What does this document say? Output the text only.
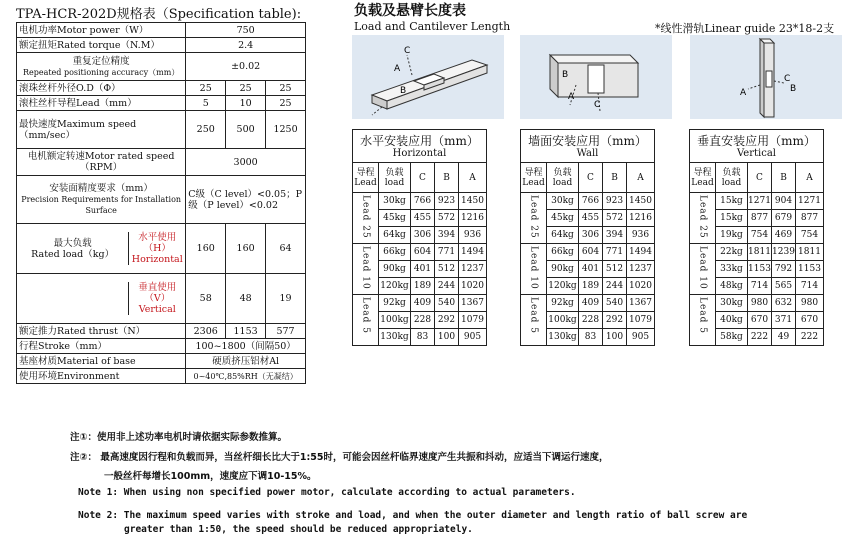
TPA-HCR-202D规格表（Specification table):
电机功率Motor power（W）	750		
额定扭矩Rated torque（N.M）	2.4		

重复定位精度
Repeated positioning accuracy（mm）	±0.02		
滚珠丝杆外径O.D（Φ）	25	25	25
滚柱丝杆导程Lead（mm）	5	10	25
最快速度Maximum speed（mm/sec）	250	500	1250
电机额定转速Motor rated speed（RPM）	3000		

安装面精度要求（mm）
Precision Requirements for Installation Surface	C级（C level）<0.05；P级（P level）<0.02		

最大负载
Rated load（kg）
水平使用（H）Horizontal	160	160	64

垂直使用（V）Vertical	58	48	19
额定推力Rated thrust（N）	2306	1153	577
行程Stroke（mm）	100~1800（间隔50）		
基座材质Material of base	硬质挤压铝材Al		
使用环境Environment	0~40℃,85%RH（无凝结）		
负载及悬臂长度表
Load and Cantilever Length	*线性滑轨Linear guide 23*18-2支
C
A
B
B
A
C
C
B
A
水平安装应用（mm）
Horizontal				

导程Lead	负载load	C	B	A
Lead 25	30kg	766	923	1450
	45kg	455	572	1216
	64kg	306	394	936
Lead 10	66kg	604	771	1494
	90kg	401	512	1237
	120kg	189	244	1020
Lead 5	92kg	409	540	1367
	100kg	228	292	1079
	130kg	83	100	905
墙面安装应用（mm）
Wall				

导程Lead	负载load	C	B	A
Lead 25	30kg	766	923	1450
	45kg	455	572	1216
	64kg	306	394	936
Lead 10	66kg	604	771	1494
	90kg	401	512	1237
	120kg	189	244	1020
Lead 5	92kg	409	540	1367
	100kg	228	292	1079
	130kg	83	100	905
垂直安装应用（mm）
Vertical				

导程Lead	负载load	C	B	A
Lead 25	15kg	1271	904	1271
	15kg	877	679	877
	19kg	754	469	754
Lead 10	22kg	1811	1239	1811
	33kg	1153	792	1153
	48kg	714	565	714
Lead 5	30kg	980	632	980
	40kg	670	371	670
	58kg	222	49	222
注①：使用非上述功率电机时请依据实际参数推算。
注②： 最高速度因行程和负载而异，当丝杆细长比大于1:55时，可能会因丝杆临界速度产生共振和抖动，应适当下调运行速度，
一般丝杆每增长100mm，速度应下调10-15%。
Note 1: When using non specified power motor, calculate according to actual parameters.
Note 2: The maximum speed varies with stroke and load, and when the outer diameter and length ratio of ball screw are
greater than 1:50, the speed should be reduced appropriately.
